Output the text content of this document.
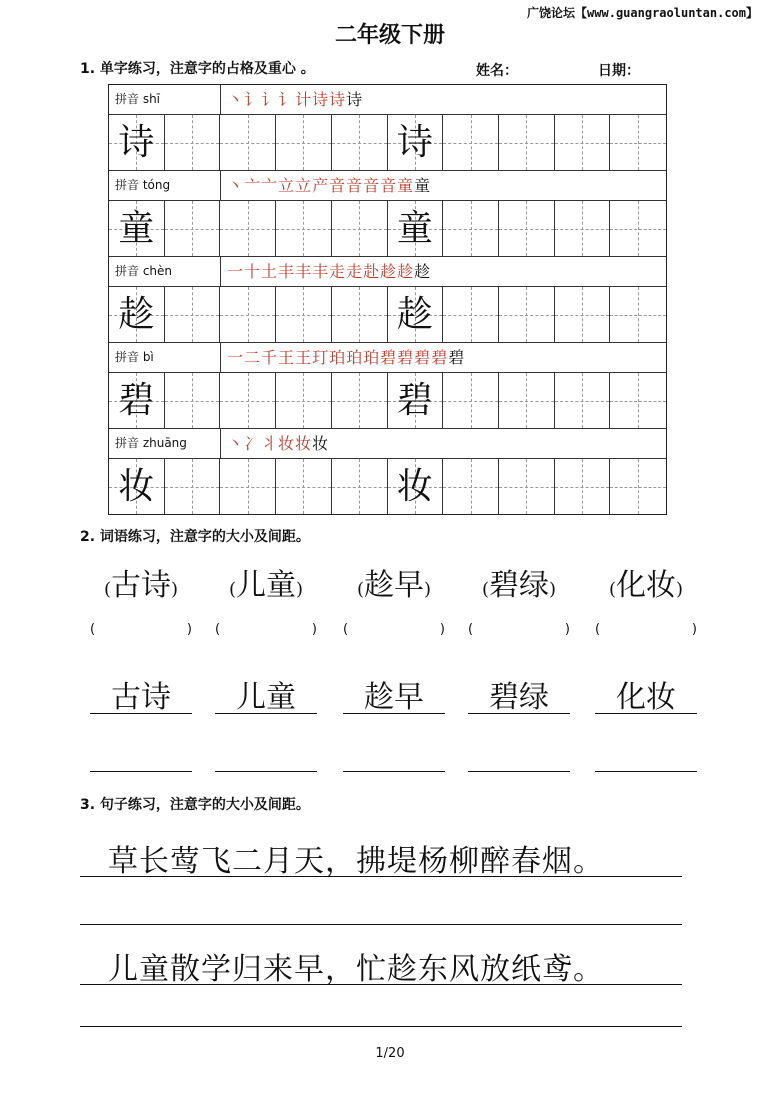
广饶论坛【www.guangraoluntan.com】
二年级下册
1. 单字练习，注意字的占格及重心 。	姓名：	日期：
拼音 shī	丶讠讠讠计诗诗诗
诗	诗
拼音 tóng	丶亠亠立立产音音音音童童
童	童
拼音 chèn	一十土丰丰丰走走赴趁趁趁
趁	趁
拼音 bì	一二千王王玎珀珀珀碧碧碧碧碧
碧	碧
拼音 zhuāng	丶冫丬妆妆妆
妆	妆
2. 词语练习，注意字的大小及间距。
(古诗)
(	)
古诗
(儿童)
(	)
儿童
(趁早)
(	)
趁早
(碧绿)
(	)
碧绿
(化妆)
(	)
化妆
3. 句子练习，注意字的大小及间距。
草长莺飞二月天，拂堤杨柳醉春烟。
儿童散学归来早，忙趁东风放纸鸢。
1/20
